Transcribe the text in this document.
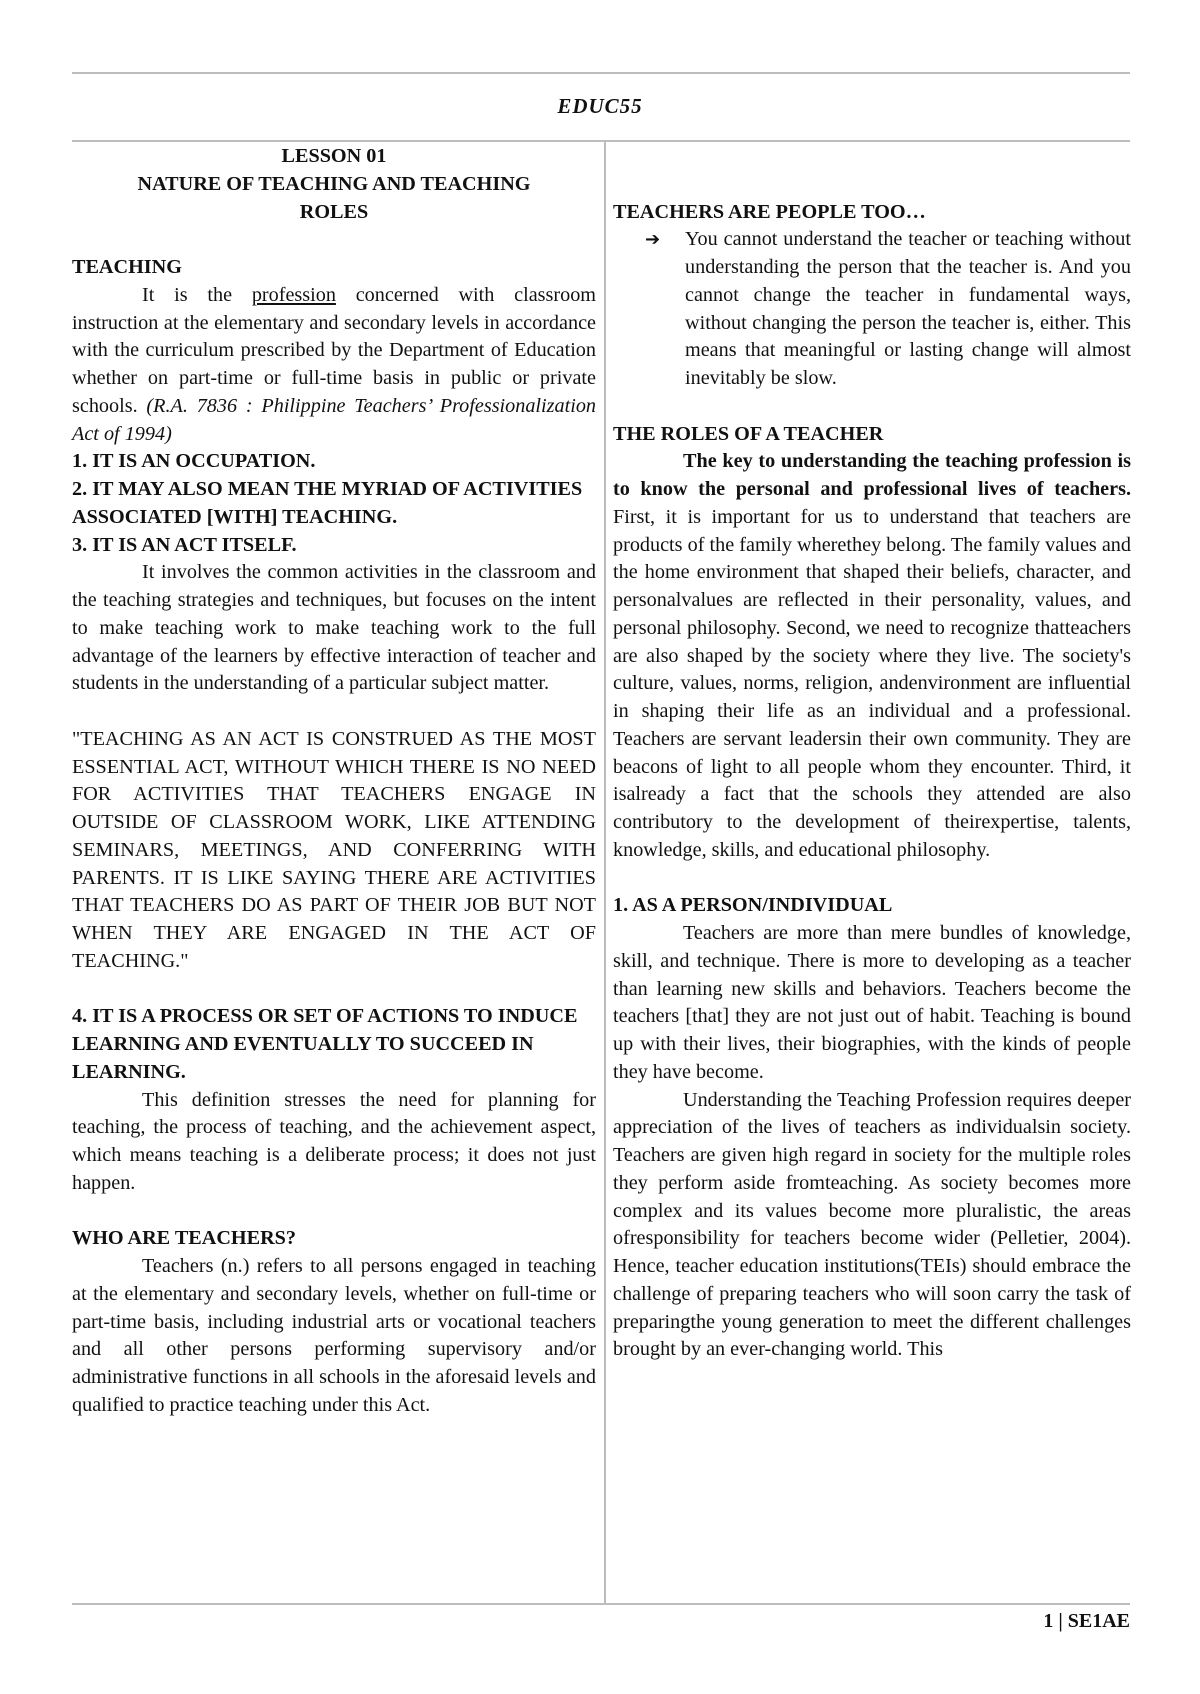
EDUC55

LESSON 01

NATURE OF TEACHING AND TEACHING

ROLES

TEACHING

It is the profession concerned with classroom instruction at the elementary and secondary levels in accordance with the curriculum prescribed by the Department of Education whether on part-time or full-time basis in public or private schools. (R.A. 7836 : Philippine Teachers’ Professionalization Act of 1994)

1. IT IS AN OCCUPATION.

2. IT MAY ALSO MEAN THE MYRIAD OF ACTIVITIES ASSOCIATED [WITH] TEACHING.

3. IT IS AN ACT ITSELF.

It involves the common activities in the classroom and the teaching strategies and techniques, but focuses on the intent to make teaching work to make teaching work to the full advantage of the learners by effective interaction of teacher and students in the understanding of a particular subject matter.

"TEACHING AS AN ACT IS CONSTRUED AS THE MOST ESSENTIAL ACT, WITHOUT WHICH THERE IS NO NEED FOR ACTIVITIES THAT TEACHERS ENGAGE IN OUTSIDE OF CLASSROOM WORK, LIKE ATTENDING SEMINARS, MEETINGS, AND CONFERRING WITH PARENTS. IT IS LIKE SAYING THERE ARE ACTIVITIES THAT TEACHERS DO AS PART OF THEIR JOB BUT NOT WHEN THEY ARE ENGAGED IN THE ACT OF TEACHING."

4. IT IS A PROCESS OR SET OF ACTIONS TO INDUCE LEARNING AND EVENTUALLY TO SUCCEED IN LEARNING.

This definition stresses the need for planning for teaching, the process of teaching, and the achievement aspect, which means teaching is a deliberate process; it does not just happen.

WHO ARE TEACHERS?

Teachers (n.) refers to all persons engaged in teaching at the elementary and secondary levels, whether on full-time or part-time basis, including industrial arts or vocational teachers and all other persons performing supervisory and/or administrative functions in all schools in the aforesaid levels and qualified to practice teaching under this Act.

TEACHERS ARE PEOPLE TOO…

➔ You cannot understand the teacher or teaching without understanding the person that the teacher is. And you cannot change the teacher in fundamental ways, without changing the person the teacher is, either. This means that meaningful or lasting change will almost inevitably be slow.

THE ROLES OF A TEACHER

The key to understanding the teaching profession is to know the personal and professional lives of teachers. First, it is important for us to understand that teachers are products of the family wherethey belong. The family values and the home environment that shaped their beliefs, character, and personalvalues are reflected in their personality, values, and personal philosophy. Second, we need to recognize thatteachers are also shaped by the society where they live. The society's culture, values, norms, religion, andenvironment are influential in shaping their life as an individual and a professional. Teachers are servant leadersin their own community. They are beacons of light to all people whom they encounter. Third, it isalready a fact that the schools they attended are also contributory to the development of theirexpertise, talents, knowledge, skills, and educational philosophy.

1. AS A PERSON/INDIVIDUAL

Teachers are more than mere bundles of knowledge, skill, and technique. There is more to developing as a teacher than learning new skills and behaviors. Teachers become the teachers [that] they are not just out of habit. Teaching is bound up with their lives, their biographies, with the kinds of people they have become.

Understanding the Teaching Profession requires deeper appreciation of the lives of teachers as individualsin society. Teachers are given high regard in society for the multiple roles they perform aside fromteaching. As society becomes more complex and its values become more pluralistic, the areas ofresponsibility for teachers become wider (Pelletier, 2004). Hence, teacher education institutions(TEIs) should embrace the challenge of preparing teachers who will soon carry the task of preparingthe young generation to meet the different challenges brought by an ever-changing world. This

1 | SE1AE
